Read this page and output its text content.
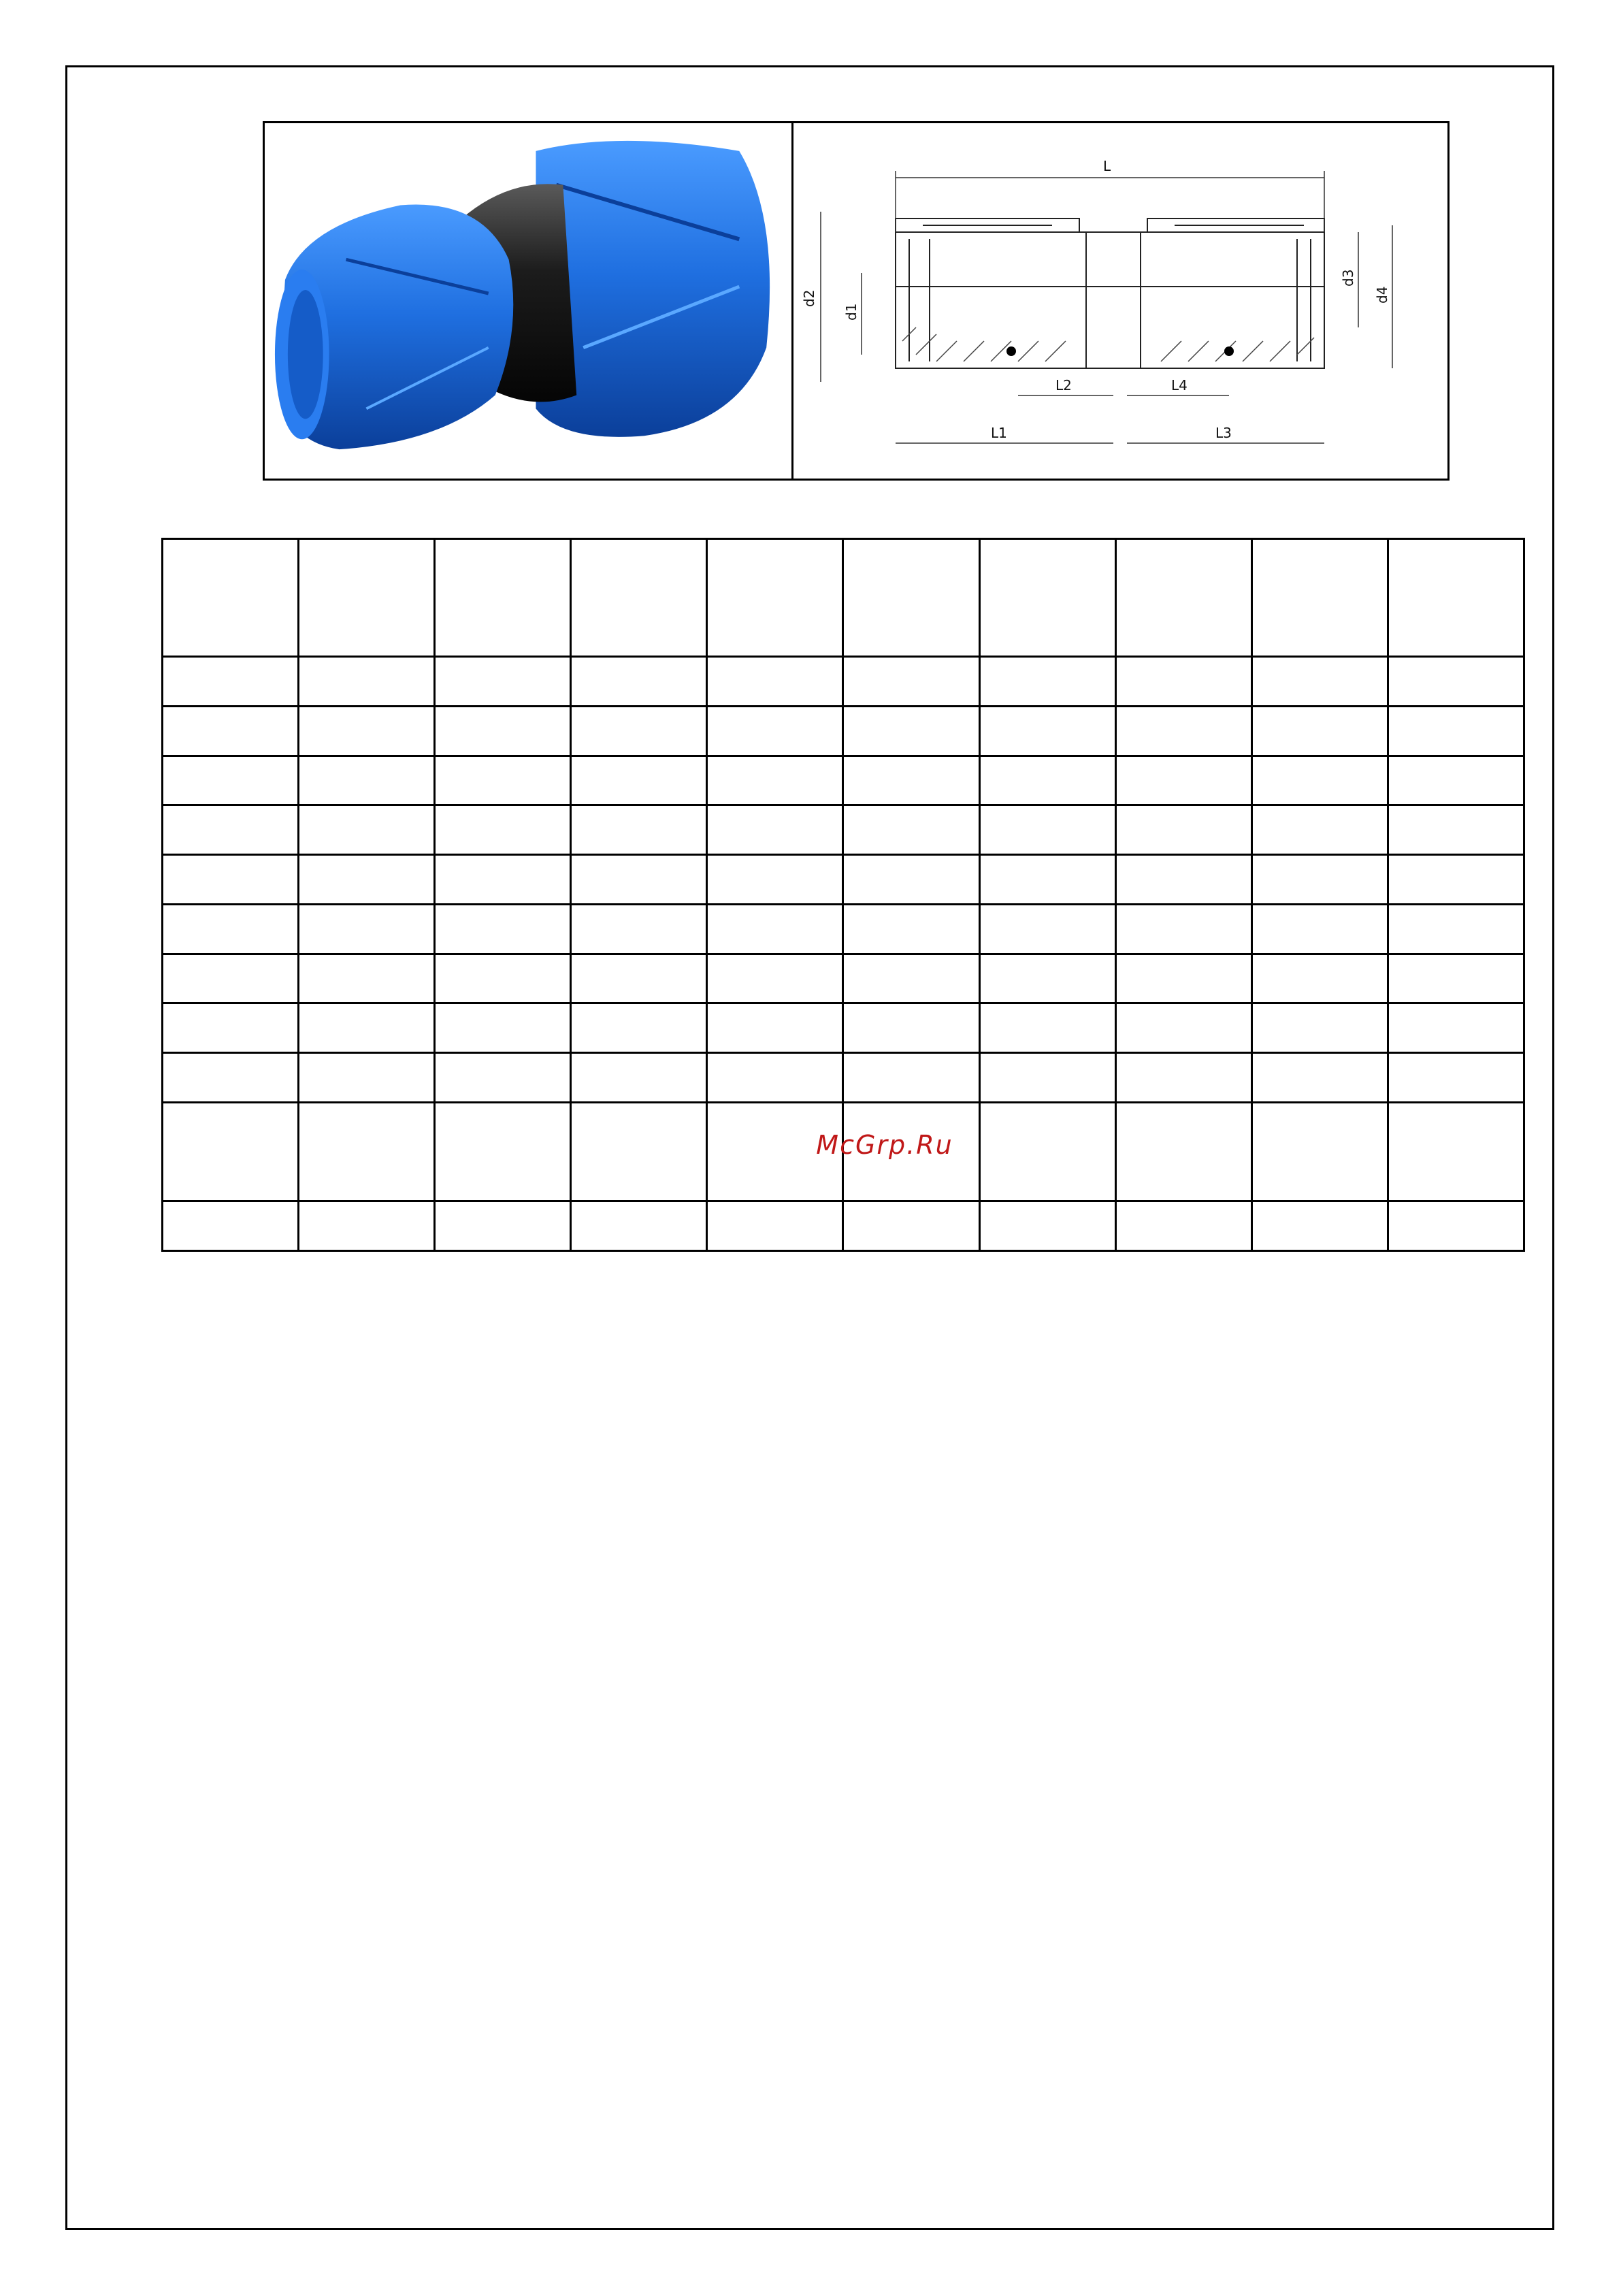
L
L1
L2
L3
L4
d2
d1
d3
d4

McGrp.Ru
